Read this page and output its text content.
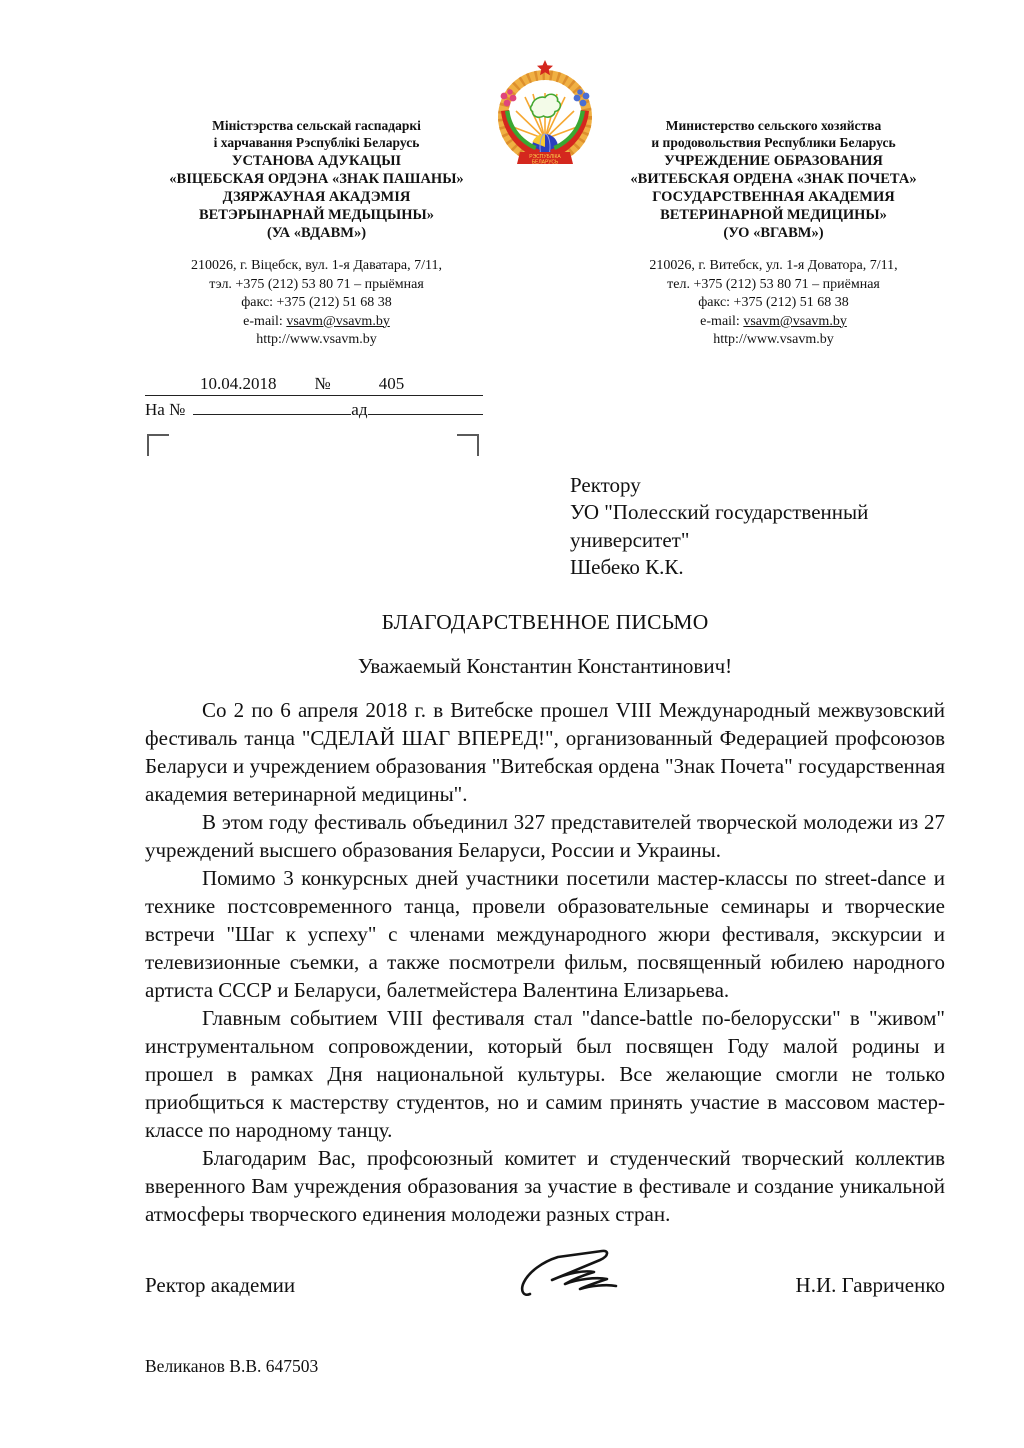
Міністэрства сельскай гаспадаркі
і харчавання Рэспублікі Беларусь
УСТАНОВА АДУКАЦЫІ
«ВІЦЕБСКАЯ ОРДЭНА «ЗНАК ПАШАНЫ»
ДЗЯРЖАУНАЯ АКАДЭМІЯ
ВЕТЭРЫНАРНАЙ МЕДЫЦЫНЫ»
(УА «ВДАВМ»)
210026, г. Віцебск, вул. 1-я Даватара, 7/11,
тэл. +375 (212) 53 80 71 – прыёмная
факс: +375 (212) 51 68 38
e-mail: vsavm@vsavm.by
http://www.vsavm.by
РЭСПУБЛІКА
БЕЛАРУСЬ
Министерство сельского хозяйства
и продовольствия Республики Беларусь
УЧРЕЖДЕНИЕ ОБРАЗОВАНИЯ
«ВИТЕБСКАЯ ОРДЕНА «ЗНАК ПОЧЕТА»
ГОСУДАРСТВЕННАЯ АКАДЕМИЯ
ВЕТЕРИНАРНОЙ МЕДИЦИНЫ»
(УО «ВГАВМ»)
210026, г. Витебск, ул. 1-я Доватора, 7/11,
тел. +375 (212) 53 80 71 – приёмная
факс: +375 (212) 51 68 38
e-mail: vsavm@vsavm.by
http://www.vsavm.by
10.04.2018 №	405
На №	ад
Ректору
УО "Полесский государственный
университет"
Шебеко К.К.
БЛАГОДАРСТВЕННОЕ ПИСЬМО
Уважаемый Константин Константинович!

Со 2 по 6 апреля 2018 г. в Витебске прошел VIII Международный межвузовский фестиваль танца "СДЕЛАЙ ШАГ ВПЕРЕД!", организованный Федерацией профсоюзов Беларуси и учреждением образования "Витебская ордена "Знак Почета" государственная академия ветеринарной медицины".

В этом году фестиваль объединил 327 представителей творческой молодежи из 27 учреждений высшего образования Беларуси, России и Украины.

Помимо 3 конкурсных дней участники посетили мастер-классы по street-dance и технике постсовременного танца, провели образовательные семинары и творческие встречи "Шаг к успеху" с членами международного жюри фестиваля, экскурсии и телевизионные съемки, а также посмотрели фильм, посвященный юбилею народного артиста СССР и Беларуси, балетмейстера Валентина Елизарьева.

Главным событием VIII фестиваля стал "dance-battle по-белорусски" в "живом" инструментальном сопровождении, который был посвящен Году малой родины и прошел в рамках Дня национальной культуры. Все желающие смогли не только приобщиться к мастерству студентов, но и самим принять участие в массовом мастер-классе по народному танцу.

Благодарим Вас, профсоюзный комитет и студенческий творческий коллектив вверенного Вам учреждения образования за участие в фестивале и создание уникальной атмосферы творческого единения молодежи разных стран.

Ректор академии	Н.И. Гавриченко
Великанов В.В. 647503
